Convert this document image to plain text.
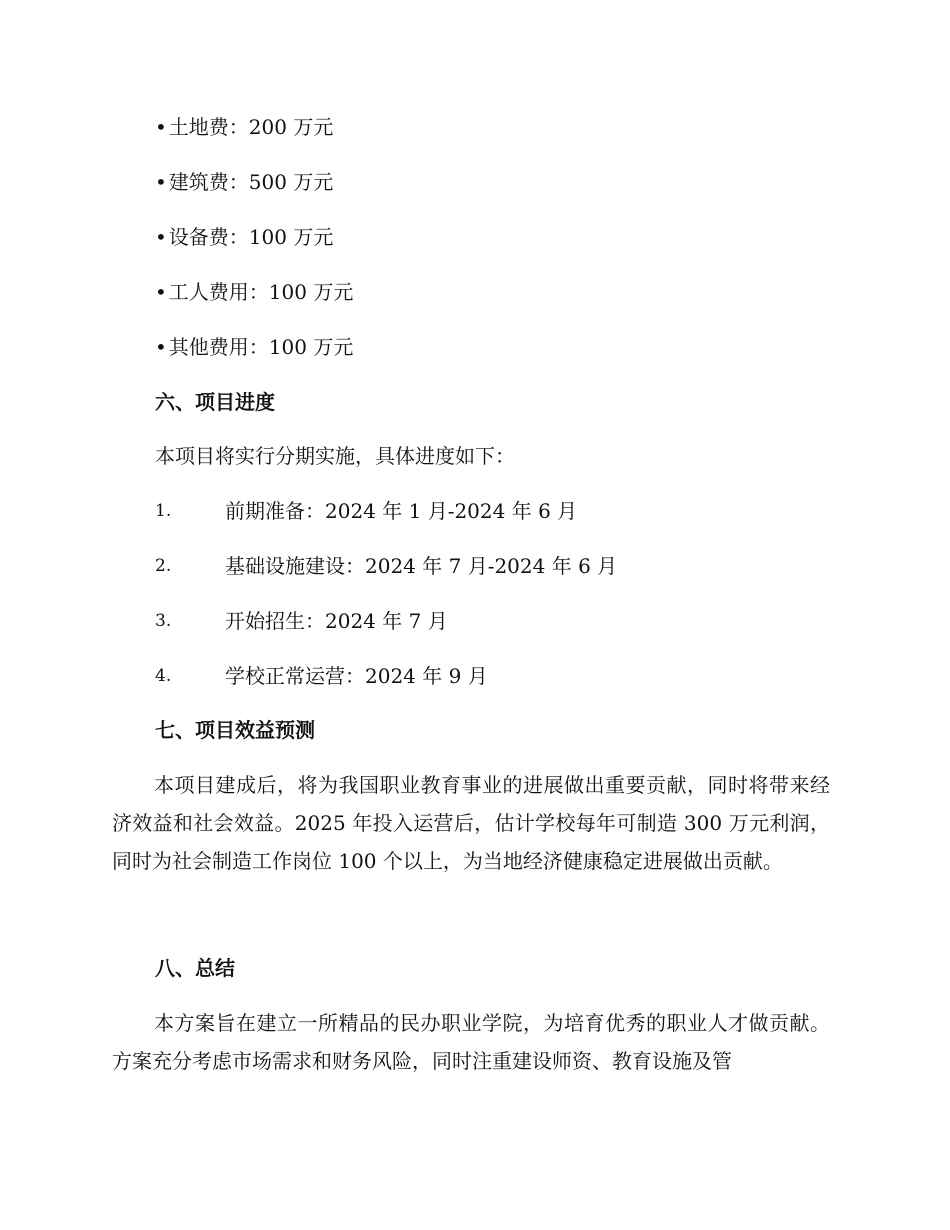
• 土地费：200 万元
• 建筑费：500 万元
• 设备费：100 万元
• 工人费用：100 万元
• 其他费用：100 万元
六、项目进度
本项目将实行分期实施，具体进度如下：
1.	前期准备：2024 年 1 月-2024 年 6 月
2.	基础设施建设：2024 年 7 月-2024 年 6 月
3.	开始招生：2024 年 7 月
4.	学校正常运营：2024 年 9 月
七、项目效益预测

本项目建成后，将为我国职业教育事业的进展做出重要贡献，同时将带来经济效益和社会效益。2025 年投入运营后，估计学校每年可制造 300 万元利润，同时为社会制造工作岗位 100 个以上，为当地经济健康稳定进展做出贡献。

八、总结

本方案旨在建立一所精品的民办职业学院，为培育优秀的职业人才做贡献。方案充分考虑市场需求和财务风险，同时注重建设师资、教育设施及管
